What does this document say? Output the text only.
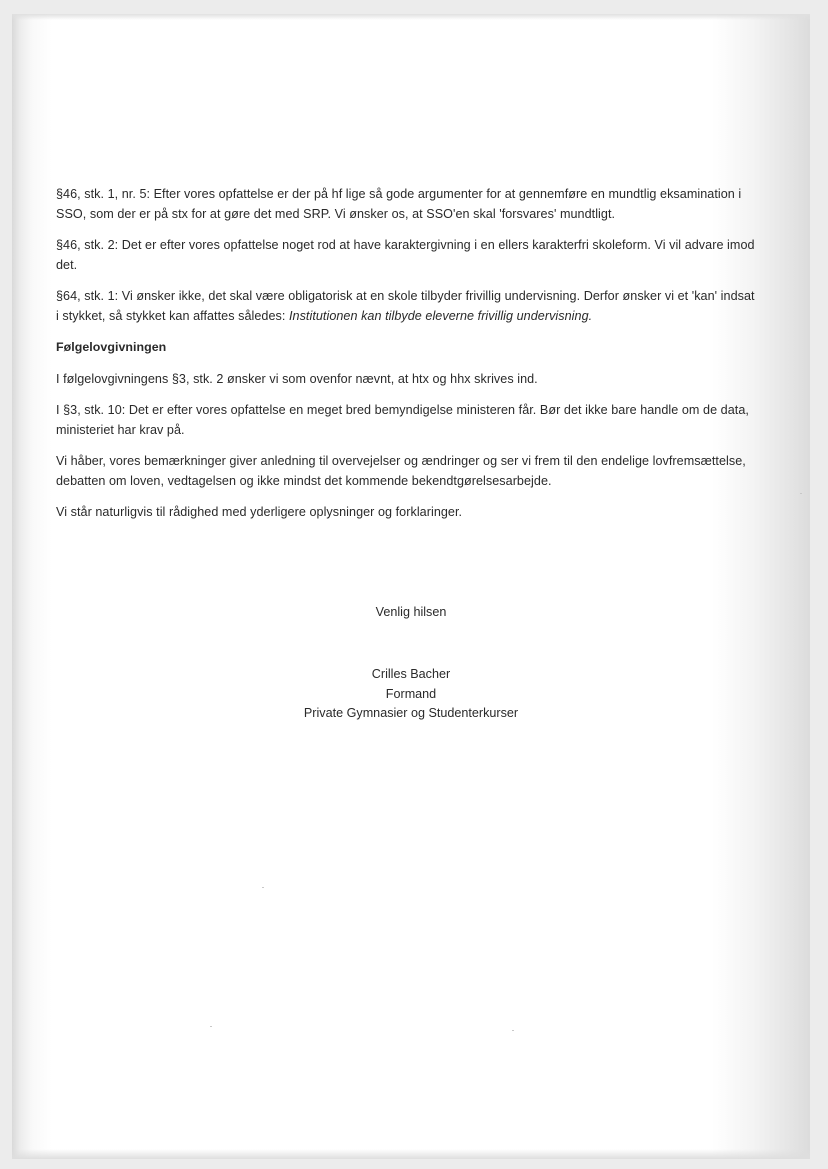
§46, stk. 1, nr. 5: Efter vores opfattelse er der på hf lige så gode argumenter for at gennemføre en mundtlig eksamination i SSO, som der er på stx for at gøre det med SRP. Vi ønsker os, at SSO'en skal 'forsvares' mundtligt.

§46, stk. 2: Det er efter vores opfattelse noget rod at have karaktergivning i en ellers karakterfri skoleform. Vi vil advare imod det.

§64, stk. 1: Vi ønsker ikke, det skal være obligatorisk at en skole tilbyder frivillig undervisning. Derfor ønsker vi et 'kan' indsat i stykket, så stykket kan affattes således: Institutionen kan tilbyde eleverne frivillig undervisning.

Følgelovgivningen

I følgelovgivningens §3, stk. 2 ønsker vi som ovenfor nævnt, at htx og hhx skrives ind.

I §3, stk. 10: Det er efter vores opfattelse en meget bred bemyndigelse ministeren får. Bør det ikke bare handle om de data, ministeriet har krav på.

Vi håber, vores bemærkninger giver anledning til overvejelser og ændringer og ser vi frem til den endelige lovfremsættelse, debatten om loven, vedtagelsen og ikke mindst det kommende bekendtgørelsesarbejde.

Vi står naturligvis til rådighed med yderligere oplysninger og forklaringer.

Venlig hilsen
Crilles Bacher
Formand
Private Gymnasier og Studenterkurser
